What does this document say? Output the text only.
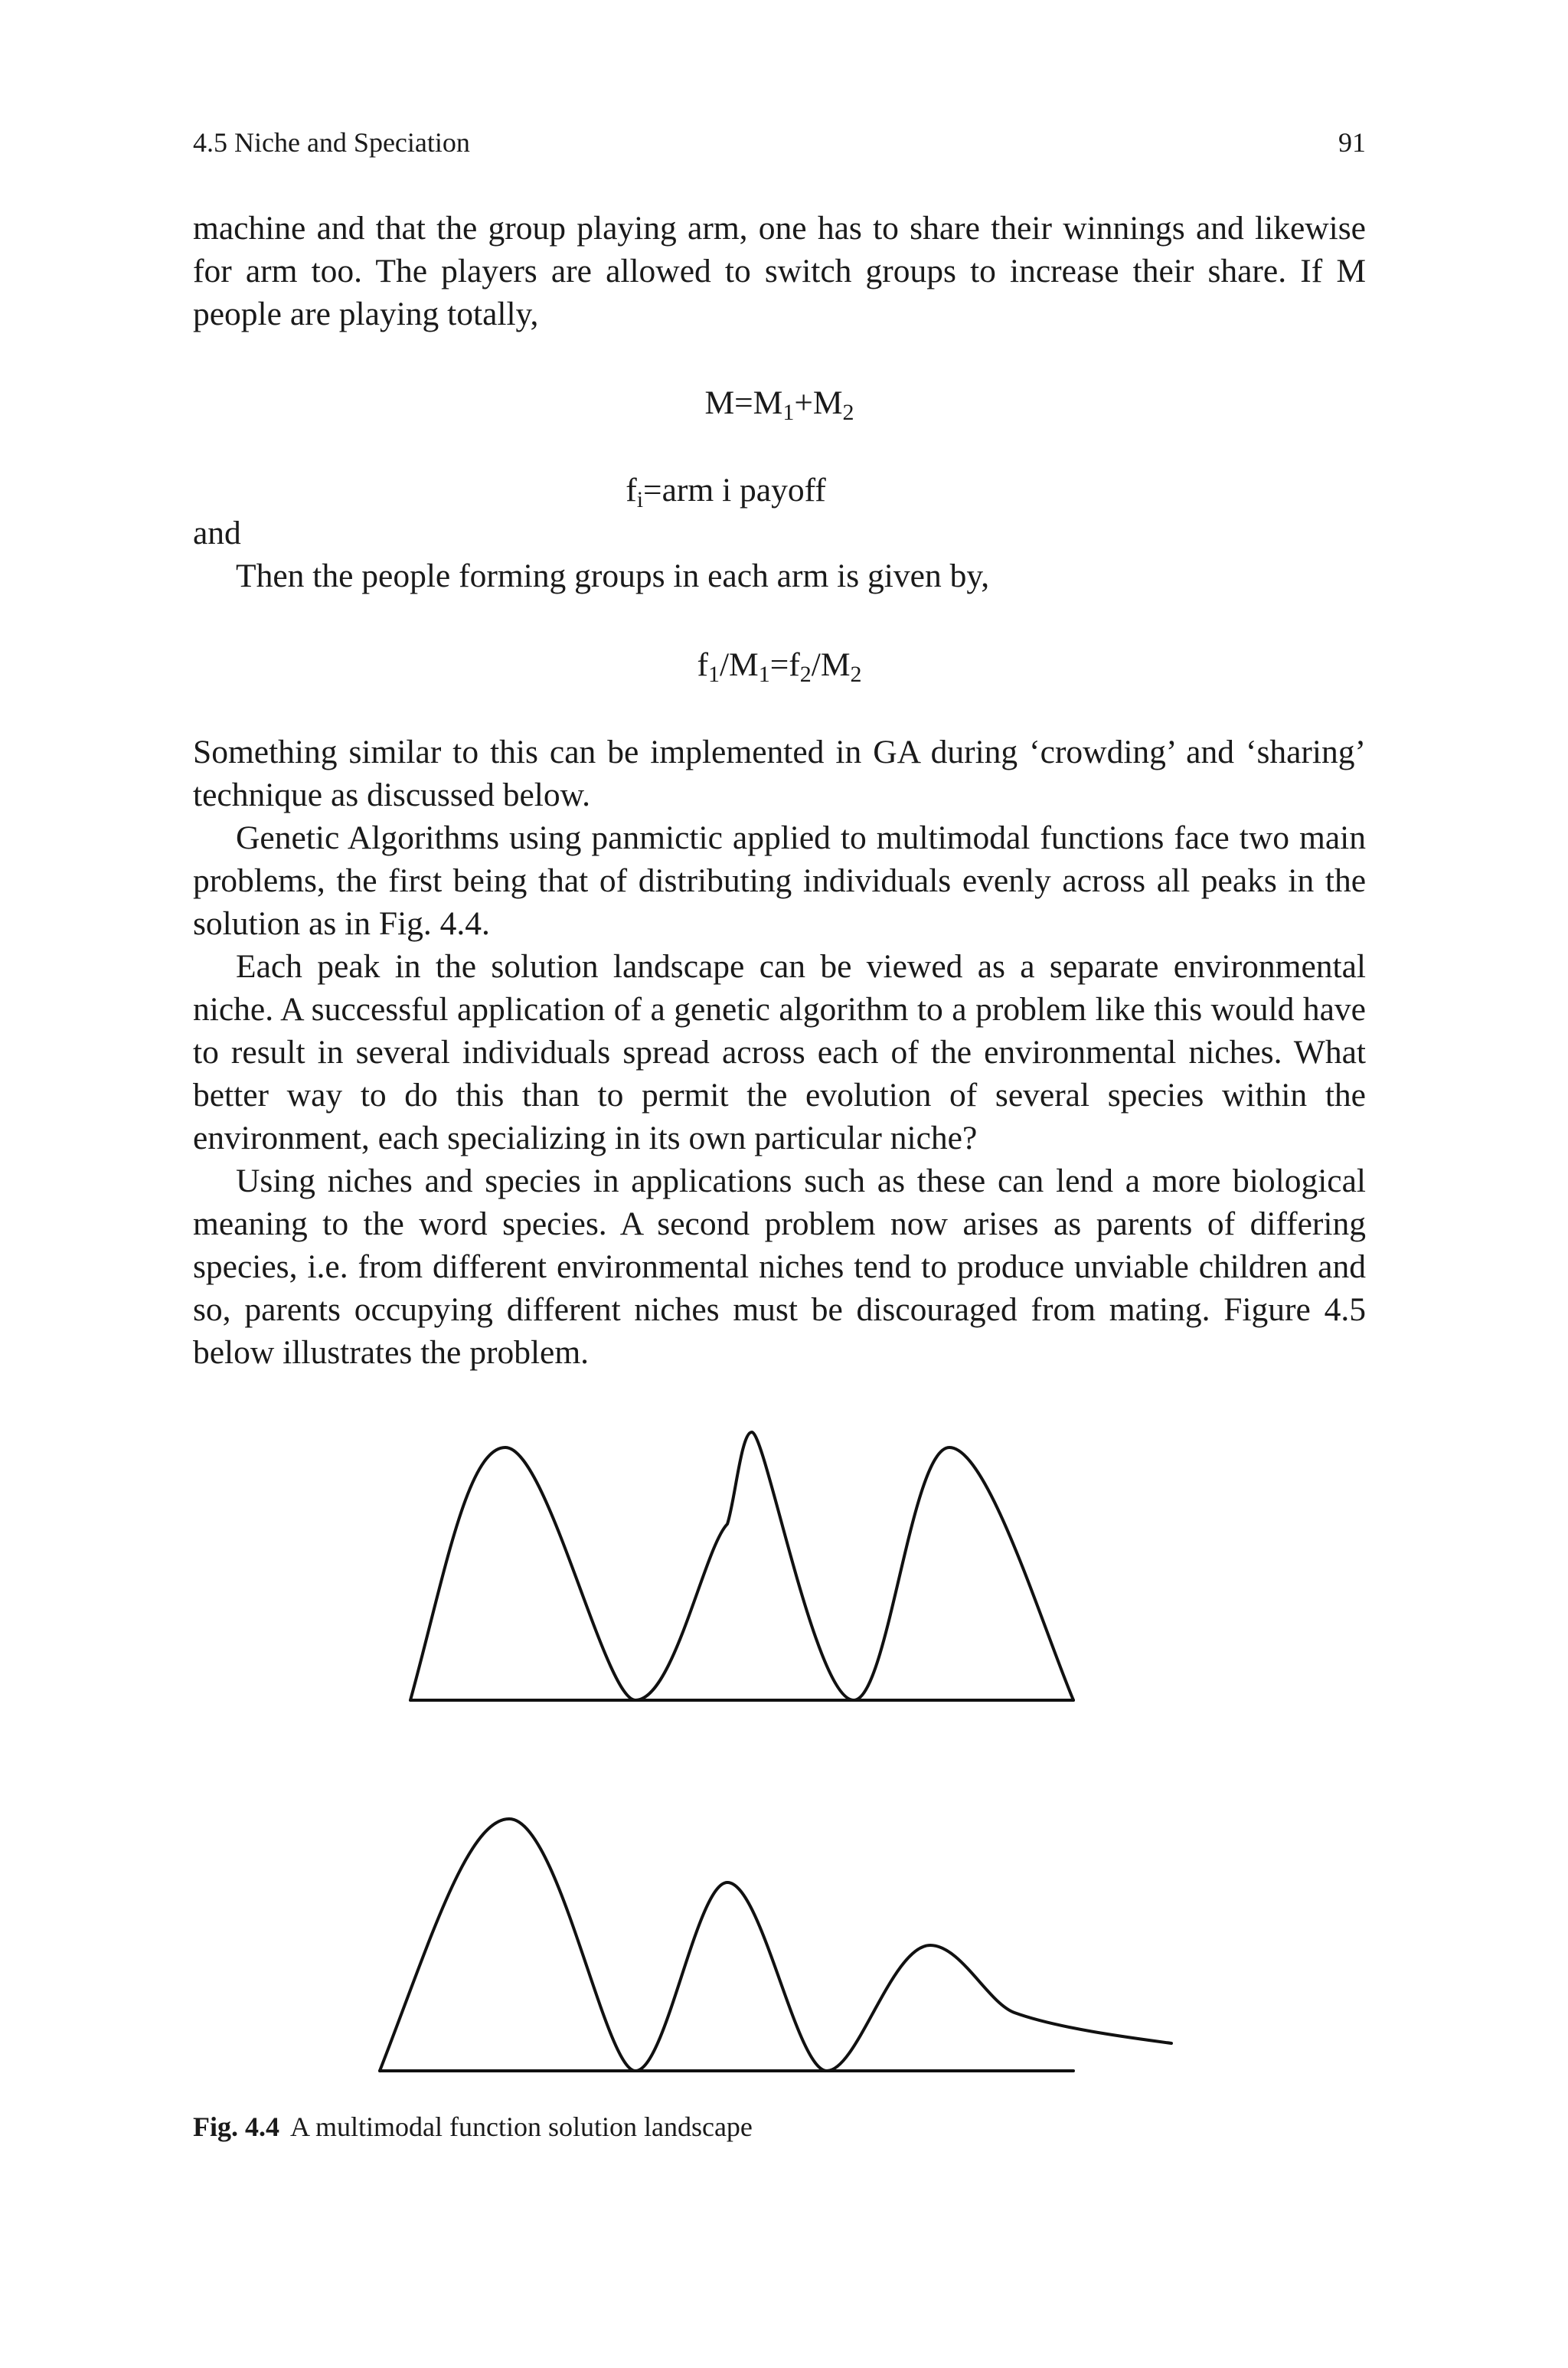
4.5 Niche and Speciation	91

machine and that the group playing arm, one has to share their winnings and likewise for arm too. The players are allowed to switch groups to increase their share. If M people are playing totally,

$M=M_1+M_2$
$f_i=arm$ i payoff

and

Then the people forming groups in each arm is given by,

$f_1/M_1=f_2/M_2$

Something similar to this can be implemented in GA during ‘crowding’ and ‘sharing’ technique as discussed below.

Genetic Algorithms using panmictic applied to multimodal functions face two main problems, the first being that of distributing individuals evenly across all peaks in the solution as in Fig. 4.4.

Each peak in the solution landscape can be viewed as a separate environmental niche. A successful application of a genetic algorithm to a problem like this would have to result in several individuals spread across each of the environmental niches. What better way to do this than to permit the evolution of several species within the environment, each specializing in its own particular niche?

Using niches and species in applications such as these can lend a more biological meaning to the word species. A second problem now arises as parents of differing species, i.e. from different environmental niches tend to produce unviable children and so, parents occupying different niches must be discouraged from mating. Figure 4.5 below illustrates the problem.

Fig. 4.4 A multimodal function solution landscape
